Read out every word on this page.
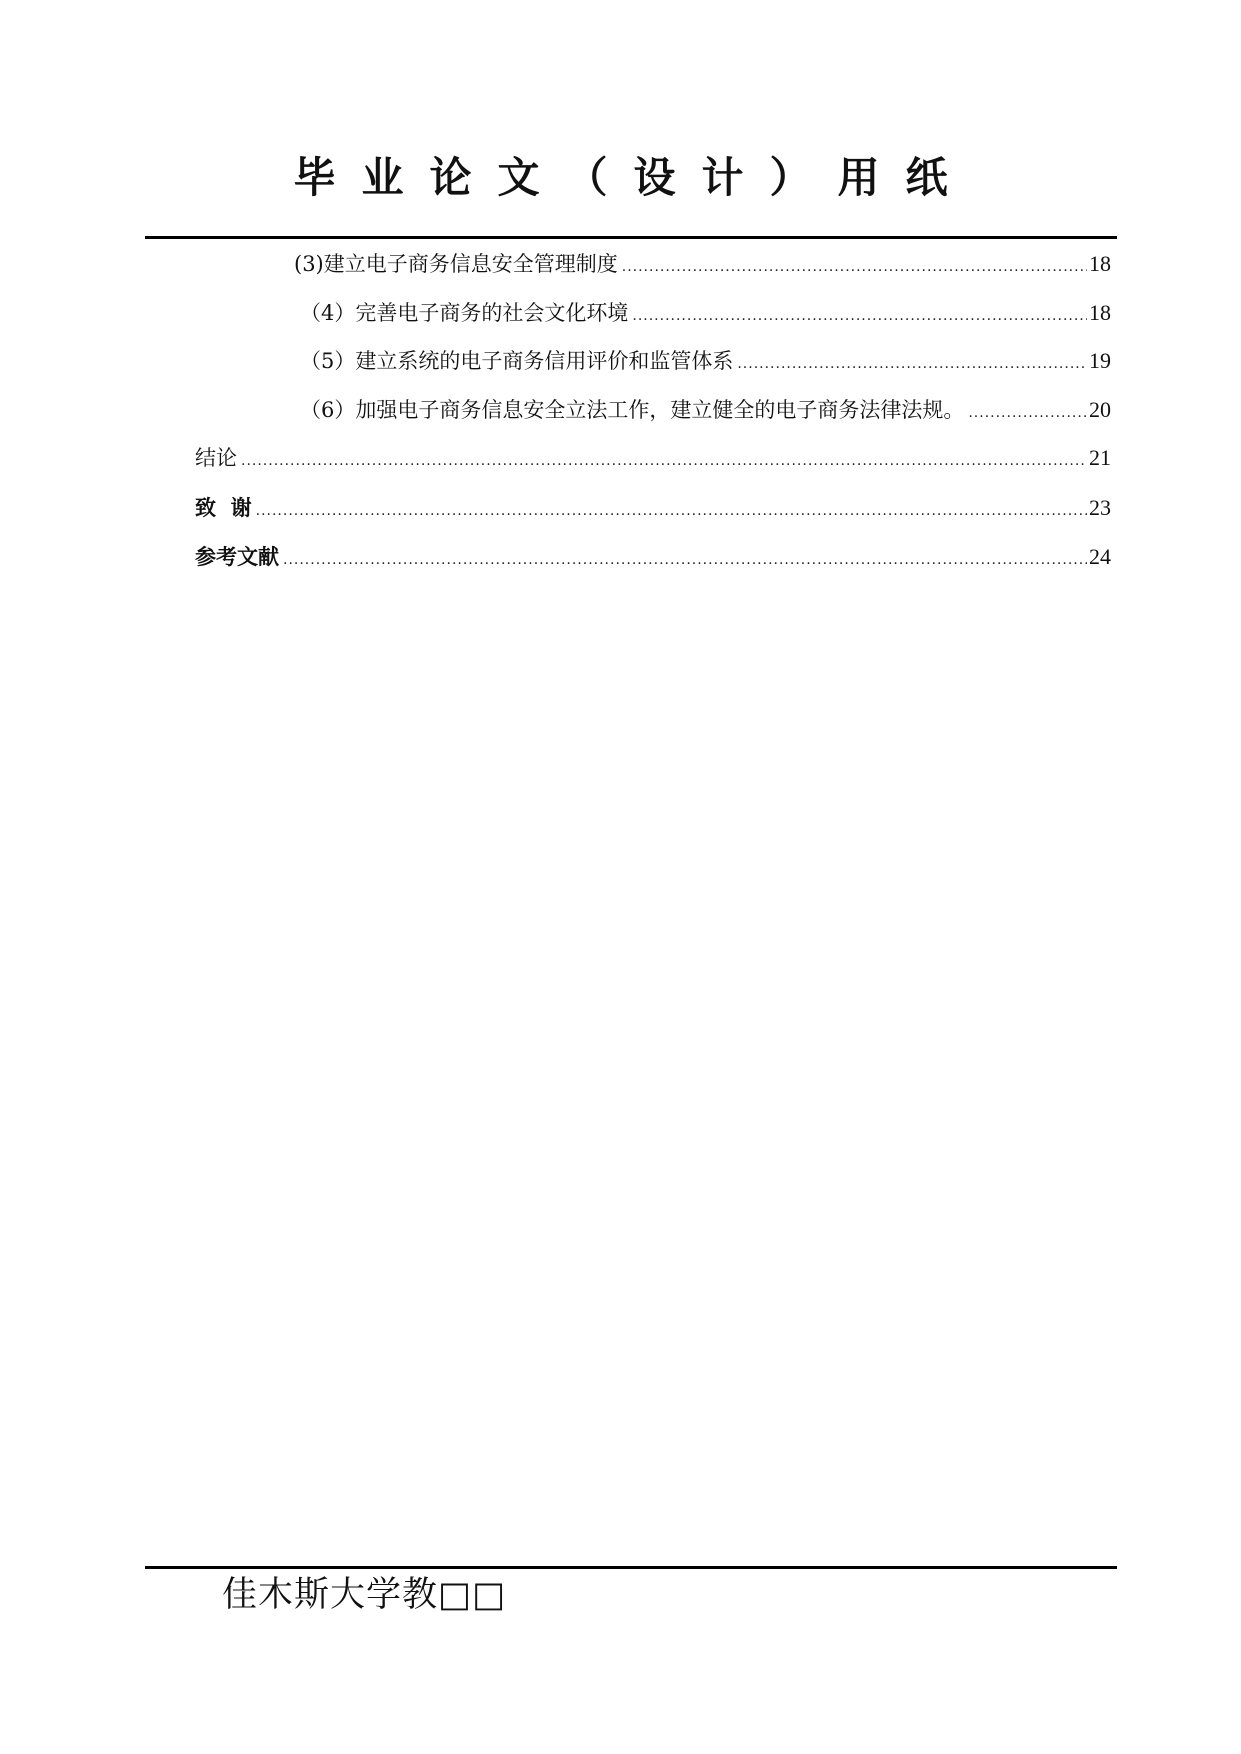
毕业论文（设计）用纸
(3)建立电子商务信息安全管理制度 .....	18
（4）完善电子商务的社会文化环境 .....	18
（5）建立系统的电子商务信用评价和监管体系 .....	19
（6）加强电子商务信息安全立法工作，建立健全的电子商务法律法规。 .....	20
结论 .....	21
致  谢 .....	23
参考文献 .....	24
佳木斯大学教□□
